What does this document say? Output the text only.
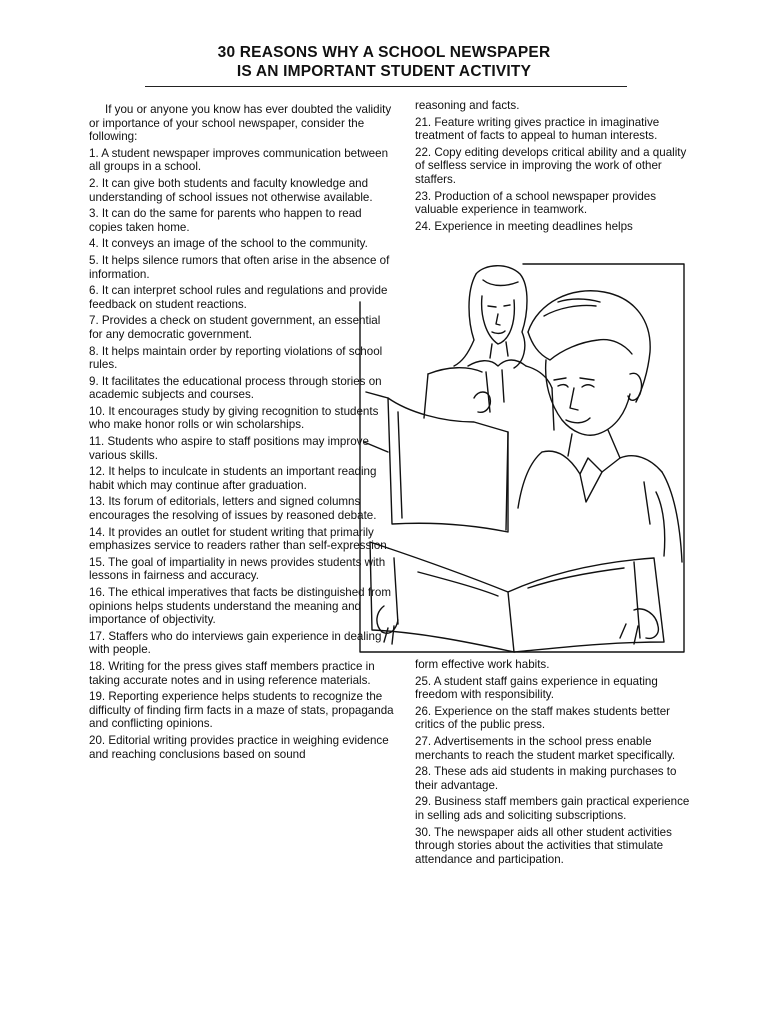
30 REASONS WHY A SCHOOL NEWSPAPER
IS AN IMPORTANT STUDENT ACTIVITY

If you or anyone you know has ever doubted the validity or importance of your school newspaper, consider the following:

1. A student newspaper improves communication between all groups in a school.

2. It can give both students and faculty knowledge and understanding of school issues not otherwise available.

3. It can do the same for parents who happen to read copies taken home.

4. It conveys an image of the school to the community.

5. It helps silence rumors that often arise in the absence of information.

6. It can interpret school rules and regulations and provide feedback on student reactions.

7. Provides a check on student government, an essential for any democratic government.

8. It helps maintain order by reporting violations of school rules.

9. It facilitates the educational process through stories on academic subjects and courses.

10. It encourages study by giving recognition to students who make honor rolls or win scholarships.

11. Students who aspire to staff positions may improve various skills.

12. It helps to inculcate in students an important reading habit which may continue after graduation.

13. Its forum of editorials, letters and signed columns encourages the resolving of issues by reasoned debate.

14. It provides an outlet for student writing that primarily emphasizes service to readers rather than self-expression.

15. The goal of impartiality in news provides students with lessons in fairness and accuracy.

16. The ethical imperatives that facts be distinguished from opinions helps students understand the meaning and importance of objectivity.

17. Staffers who do interviews gain experience in dealing with people.

18. Writing for the press gives staff members practice in taking accurate notes and in using reference materials.

19. Reporting experience helps students to recognize the difficulty of finding firm facts in a maze of stats, propaganda and conflicting opinions.

20. Editorial writing provides practice in weighing evidence and reaching conclusions based on sound

reasoning and facts.

21. Feature writing gives practice in imaginative treatment of facts to appeal to human interests.

22. Copy editing develops critical ability and a quality of selfless service in improving the work of other staffers.

23. Production of a school newspaper provides valuable experience in teamwork.

24. Experience in meeting deadlines helps

form effective work habits.

25. A student staff gains experience in equating freedom with responsibility.

26. Experience on the staff makes students better critics of the public press.

27. Advertisements in the school press enable merchants to reach the student market specifically.

28. These ads aid students in making purchases to their advantage.

29. Business staff members gain practical experience in selling ads and soliciting subscriptions.

30. The newspaper aids all other student activities through stories about the activities that stimulate attendance and participation.
